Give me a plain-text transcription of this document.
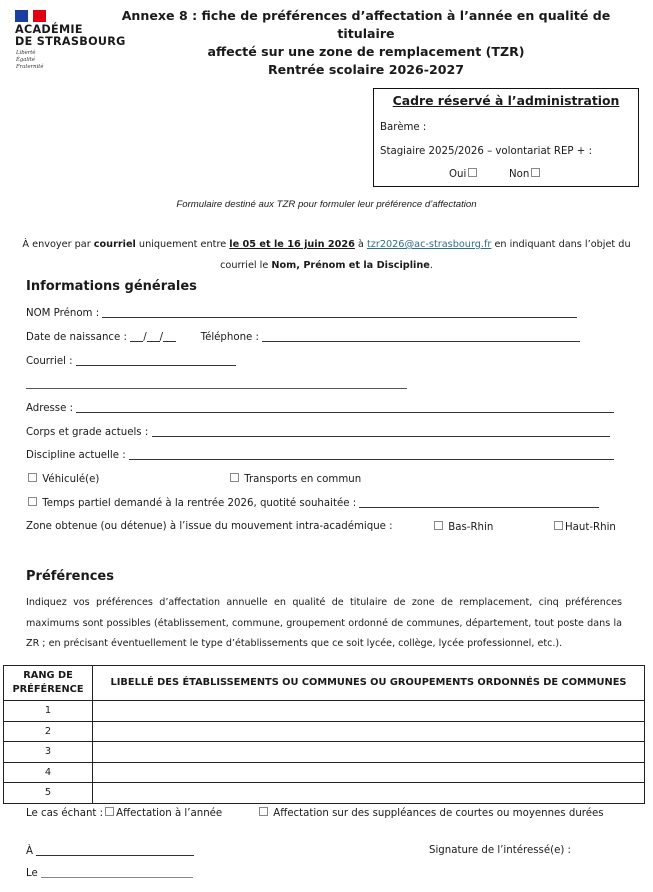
ACADÉMIE
DE STRASBOURG
Liberté
Égalité
Fraternité
Annexe 8 : fiche de préférences d’affectation à l’année en qualité de titulaire
affecté sur une zone de remplacement (TZR)
Rentrée scolaire 2026-2027
Cadre réservé à l’administration
Barème :
Stagiaire 2025/2026 – volontariat REP + :
Oui	Non
Formulaire destiné aux TZR pour formuler leur préférence d’affectation
À envoyer par courriel uniquement entre le 05 et le 16 juin 2026 à tzr2026@ac-strasbourg.fr en indiquant dans l’objet du
courriel le Nom, Prénom et la Discipline.
Informations générales
NOM Prénom :
Date de naissance : / /	Téléphone :
Courriel :
Adresse :
Corps et grade actuels :
Discipline actuelle :
Véhiculé(e)	Transports en commun
Temps partiel demandé à la rentrée 2026, quotité souhaitée :
Zone obtenue (ou détenue) à l’issue du mouvement intra-académique :	Bas-Rhin	Haut-Rhin
Préférences
Indiquez vos préférences d’affectation annuelle en qualité de titulaire de zone de remplacement, cinq préférences maximums sont possibles (établissement, commune, groupement ordonné de communes, département, tout poste dans la ZR ; en précisant éventuellement le type d’établissements que ce soit lycée, collège, lycée professionnel, etc.).
RANG DE PRÉFÉRENCE	LIBELLÉ DES ÉTABLISSEMENTS OU COMMUNES OU GROUPEMENTS ORDONNÉS DE COMMUNES
1	
2	
3	
4	
5	
Le cas échant : Affectation à l’année	Affectation sur des suppléances de courtes ou moyennes durées
À	Signature de l’intéressé(e) :
Le
